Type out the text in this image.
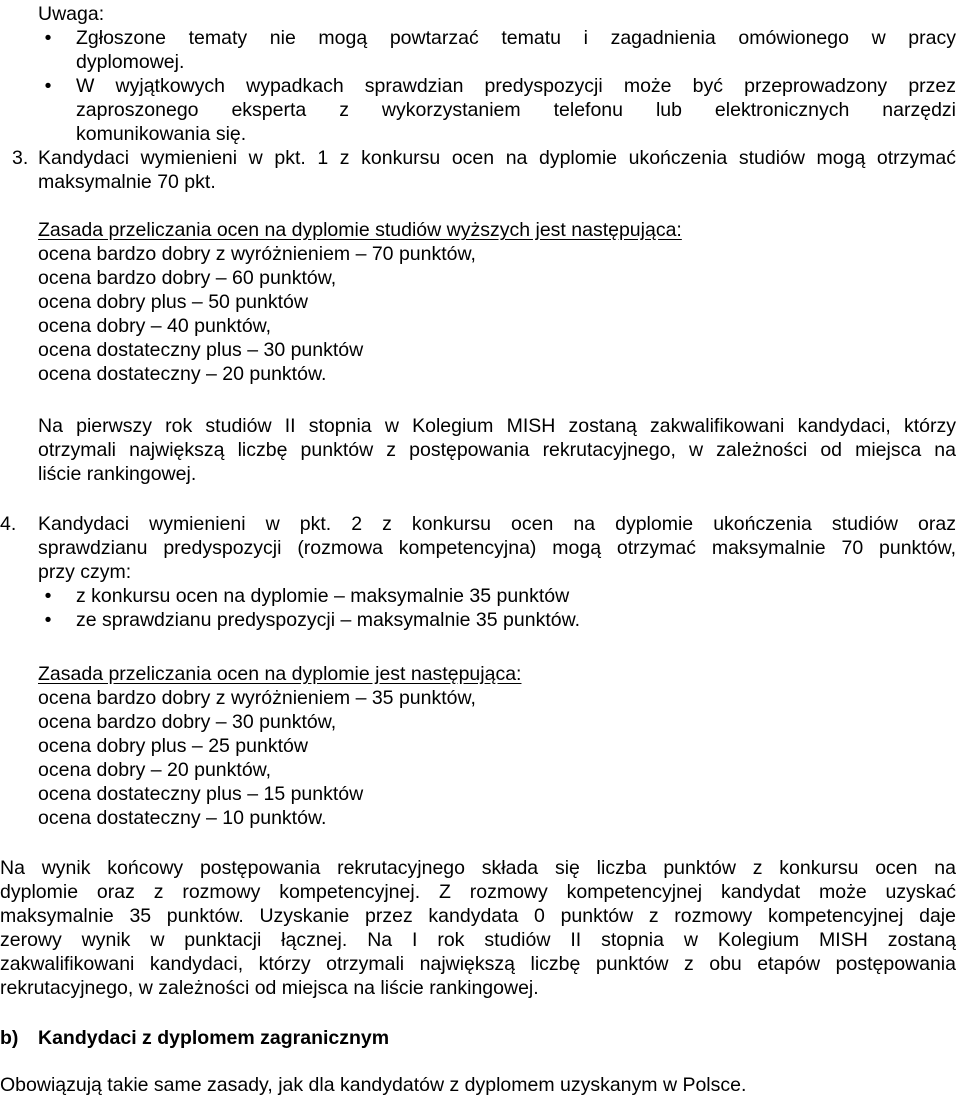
Uwaga:

•	Zgłoszone tematy nie mogą powtarzać tematu i zagadnienia omówionego w pracy

dyplomowej.

•	W wyjątkowych wypadkach sprawdzian predyspozycji może być przeprowadzony przez

zaproszonego eksperta z wykorzystaniem telefonu lub elektronicznych narzędzi

komunikowania się.

3. Kandydaci wymienieni w pkt. 1 z konkursu ocen na dyplomie ukończenia studiów mogą otrzymać

maksymalnie 70 pkt.

Zasada przeliczania ocen na dyplomie studiów wyższych jest następująca:

ocena bardzo dobry z wyróżnieniem – 70 punktów,

ocena bardzo dobry – 60 punktów,

ocena dobry plus – 50 punktów

ocena dobry – 40 punktów,

ocena dostateczny plus – 30 punktów

ocena dostateczny – 20 punktów.

Na pierwszy rok studiów II stopnia w Kolegium MISH zostaną zakwalifikowani kandydaci, którzy

otrzymali największą liczbę punktów z postępowania rekrutacyjnego, w zależności od miejsca na

liście rankingowej.

4. Kandydaci wymienieni w pkt. 2 z konkursu ocen na dyplomie ukończenia studiów oraz

sprawdzianu predyspozycji (rozmowa kompetencyjna) mogą otrzymać maksymalnie 70 punktów,

przy czym:

•	z konkursu ocen na dyplomie – maksymalnie 35 punktów

•	ze sprawdzianu predyspozycji – maksymalnie 35 punktów.

Zasada przeliczania ocen na dyplomie jest następująca:

ocena bardzo dobry z wyróżnieniem – 35 punktów,

ocena bardzo dobry – 30 punktów,

ocena dobry plus – 25 punktów

ocena dobry – 20 punktów,

ocena dostateczny plus – 15 punktów

ocena dostateczny – 10 punktów.

Na wynik końcowy postępowania rekrutacyjnego składa się liczba punktów z konkursu ocen na

dyplomie oraz z rozmowy kompetencyjnej. Z rozmowy kompetencyjnej kandydat może uzyskać

maksymalnie 35 punktów. Uzyskanie przez kandydata 0 punktów z rozmowy kompetencyjnej daje

zerowy wynik w punktacji łącznej. Na I rok studiów II stopnia w Kolegium MISH zostaną

zakwalifikowani kandydaci, którzy otrzymali największą liczbę punktów z obu etapów postępowania

rekrutacyjnego, w zależności od miejsca na liście rankingowej.

b) Kandydaci z dyplomem zagranicznym

Obowiązują takie same zasady, jak dla kandydatów z dyplomem uzyskanym w Polsce.
